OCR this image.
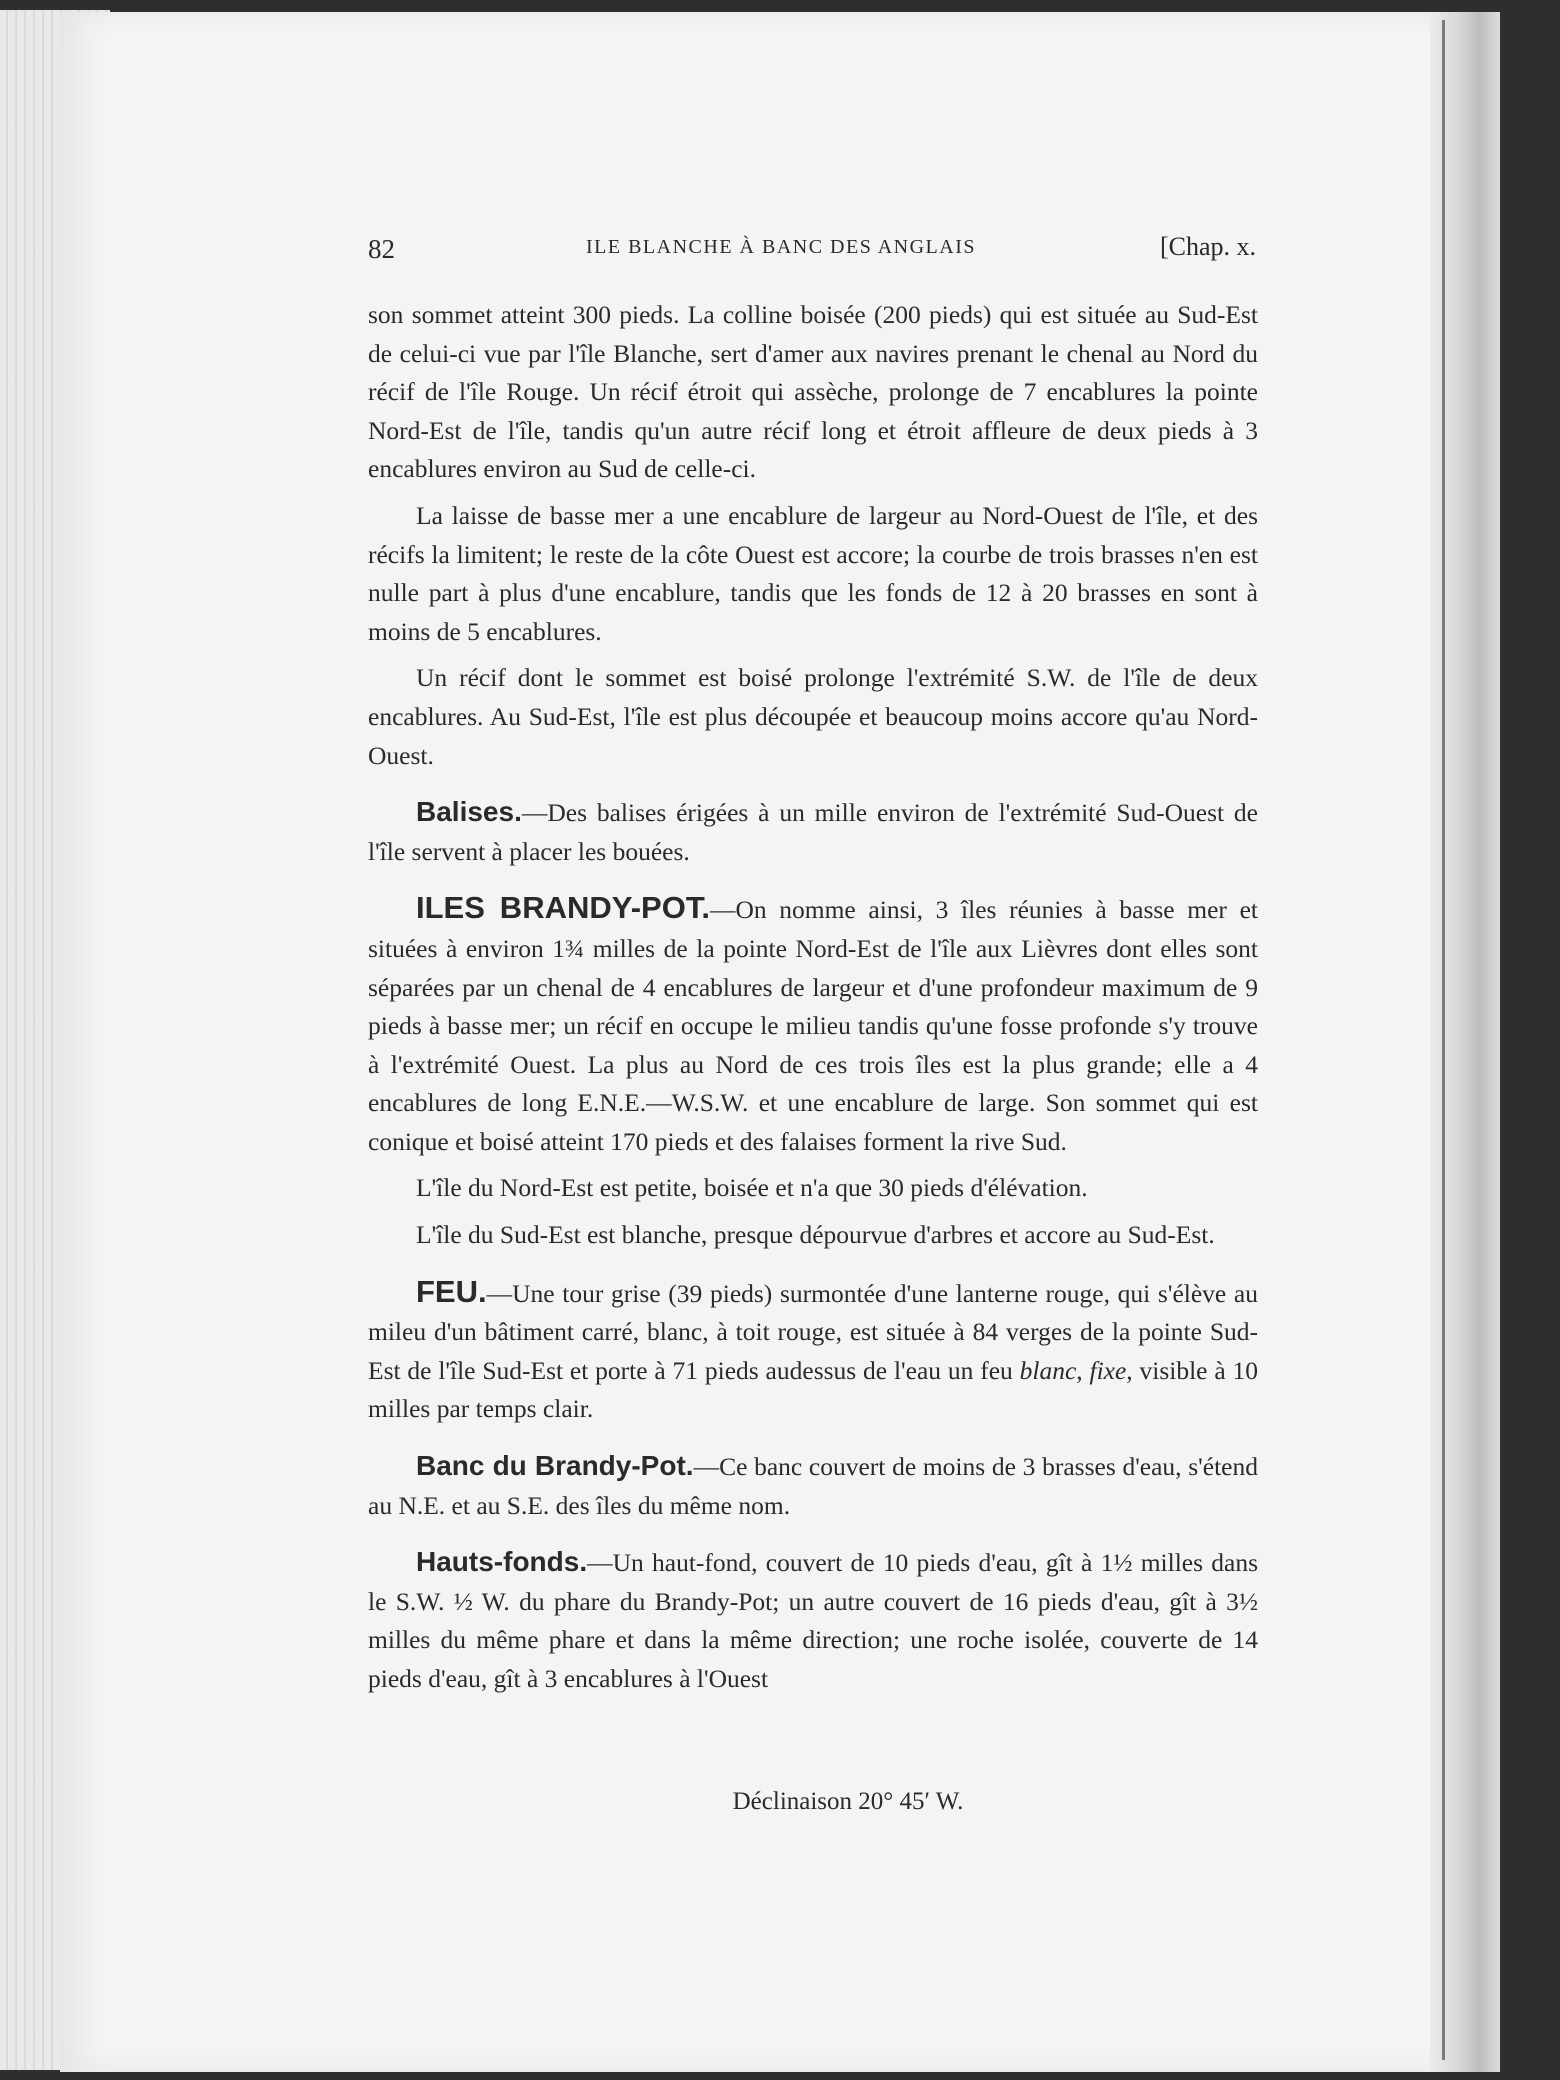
82	ILE BLANCHE À BANC DES ANGLAIS	[Chap. x.

son sommet atteint 300 pieds. La colline boisée (200 pieds) qui est située au Sud-Est de celui-ci vue par l'île Blanche, sert d'amer aux navires prenant le chenal au Nord du récif de l'île Rouge. Un récif étroit qui assèche, prolonge de 7 encablures la pointe Nord-Est de l'île, tandis qu'un autre récif long et étroit affleure de deux pieds à 3 encablures environ au Sud de celle-ci.

La laisse de basse mer a une encablure de largeur au Nord-Ouest de l'île, et des récifs la limitent; le reste de la côte Ouest est accore; la courbe de trois brasses n'en est nulle part à plus d'une encablure, tandis que les fonds de 12 à 20 brasses en sont à moins de 5 encablures.

Un récif dont le sommet est boisé prolonge l'extrémité S.W. de l'île de deux encablures. Au Sud-Est, l'île est plus découpée et beaucoup moins accore qu'au Nord-Ouest.

Balises.—Des balises érigées à un mille environ de l'extrémité Sud-Ouest de l'île servent à placer les bouées.

ILES BRANDY-POT.—On nomme ainsi, 3 îles réunies à basse mer et situées à environ 1¾ milles de la pointe Nord-Est de l'île aux Lièvres dont elles sont séparées par un chenal de 4 encablures de largeur et d'une profondeur maximum de 9 pieds à basse mer; un récif en occupe le milieu tandis qu'une fosse profonde s'y trouve à l'extrémité Ouest. La plus au Nord de ces trois îles est la plus grande; elle a 4 encablures de long E.N.E.—W.S.W. et une encablure de large. Son sommet qui est conique et boisé atteint 170 pieds et des falaises forment la rive Sud.

L'île du Nord-Est est petite, boisée et n'a que 30 pieds d'élévation.

L'île du Sud-Est est blanche, presque dépourvue d'arbres et accore au Sud-Est.

FEU.—Une tour grise (39 pieds) surmontée d'une lanterne rouge, qui s'élève au mileu d'un bâtiment carré, blanc, à toit rouge, est située à 84 verges de la pointe Sud-Est de l'île Sud-Est et porte à 71 pieds audessus de l'eau un feu blanc, fixe, visible à 10 milles par temps clair.

Banc du Brandy-Pot.—Ce banc couvert de moins de 3 brasses d'eau, s'étend au N.E. et au S.E. des îles du même nom.

Hauts-fonds.—Un haut-fond, couvert de 10 pieds d'eau, gît à 1½ milles dans le S.W. ½ W. du phare du Brandy-Pot; un autre couvert de 16 pieds d'eau, gît à 3½ milles du même phare et dans la même direction; une roche isolée, couverte de 14 pieds d'eau, gît à 3 encablures à l'Ouest

Déclinaison 20° 45′ W.
